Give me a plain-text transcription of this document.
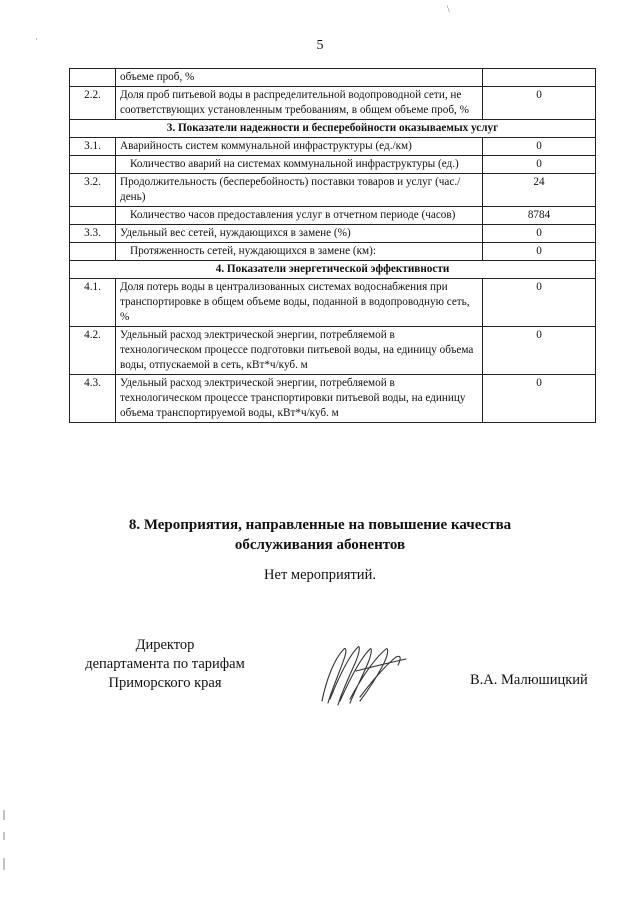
\
·	5
	объеме проб, %	
2.2.	Доля проб питьевой воды в распределительной водопроводной сети, не соответствующих установленным требованиям, в общем объеме проб, %	0
3. Показатели надежности и бесперебойности оказываемых услуг		
3.1.	Аварийность систем коммунальной инфраструктуры (ед./км)	0
	Количество аварий на системах коммунальной инфраструктуры (ед.)	0
3.2.	Продолжительность (бесперебойность) поставки товаров и услуг (час./день)	24
	Количество часов предоставления услуг в отчетном периоде (часов)	8784
3.3.	Удельный вес сетей, нуждающихся в замене (%)	0
	Протяженность сетей, нуждающихся в замене (км):	0
4. Показатели энергетической эффективности		
4.1.	Доля потерь воды в централизованных системах водоснабжения при транспортировке в общем объеме воды, поданной в водопроводную сеть, %	0
4.2.	Удельный расход электрической энергии, потребляемой в технологическом процессе подготовки питьевой воды, на единицу объема воды, отпускаемой в сеть, кВт*ч/куб. м	0
4.3.	Удельный расход электрической энергии, потребляемой в технологическом процессе транспортировки питьевой воды, на единицу объема транспортируемой воды, кВт*ч/куб. м	0
8. Мероприятия, направленные на повышение качества
обслуживания абонентов
Нет мероприятий.
Директор
департамента по тарифам
Приморского края	В.А. Малюшицкий
